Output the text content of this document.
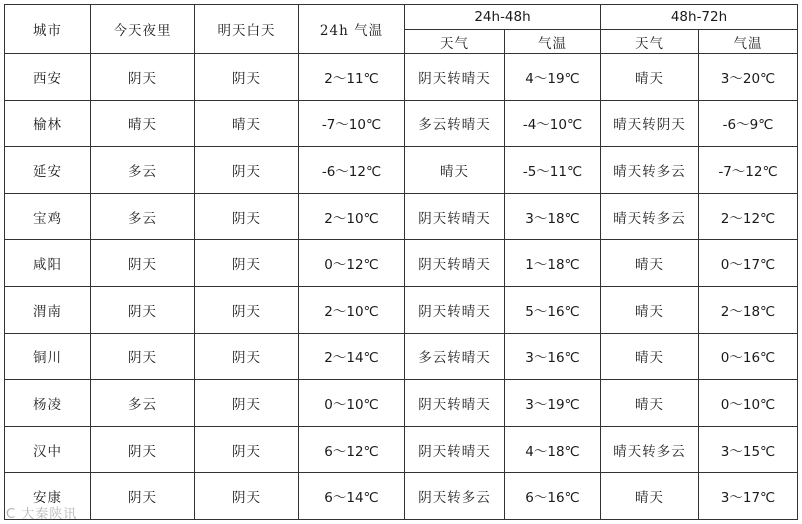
城市	今天夜里	明天白天	24h 气温	24h-48h		48h-72h	
				天气	气温	天气	气温
西安	阴天	阴天	2～11℃	阴天转晴天	4～19℃	晴天	3～20℃
榆林	晴天	晴天	-7～10℃	多云转晴天	-4～10℃	晴天转阴天	-6～9℃
延安	多云	阴天	-6～12℃	晴天	-5～11℃	晴天转多云	-7～12℃
宝鸡	多云	阴天	2～10℃	阴天转晴天	3～18℃	晴天转多云	2～12℃
咸阳	阴天	阴天	0～12℃	阴天转晴天	1～18℃	晴天	0～17℃
渭南	阴天	阴天	2～10℃	阴天转晴天	5～16℃	晴天	2～18℃
铜川	阴天	阴天	2～14℃	多云转晴天	3～16℃	晴天	0～16℃
杨凌	多云	阴天	0～10℃	阴天转晴天	3～19℃	晴天	0～10℃
汉中	阴天	阴天	6～12℃	阴天转晴天	4～18℃	晴天转多云	3～15℃
安康	阴天	阴天	6～14℃	阴天转多云	6～16℃	晴天	3～17℃
C 大秦陕讯
